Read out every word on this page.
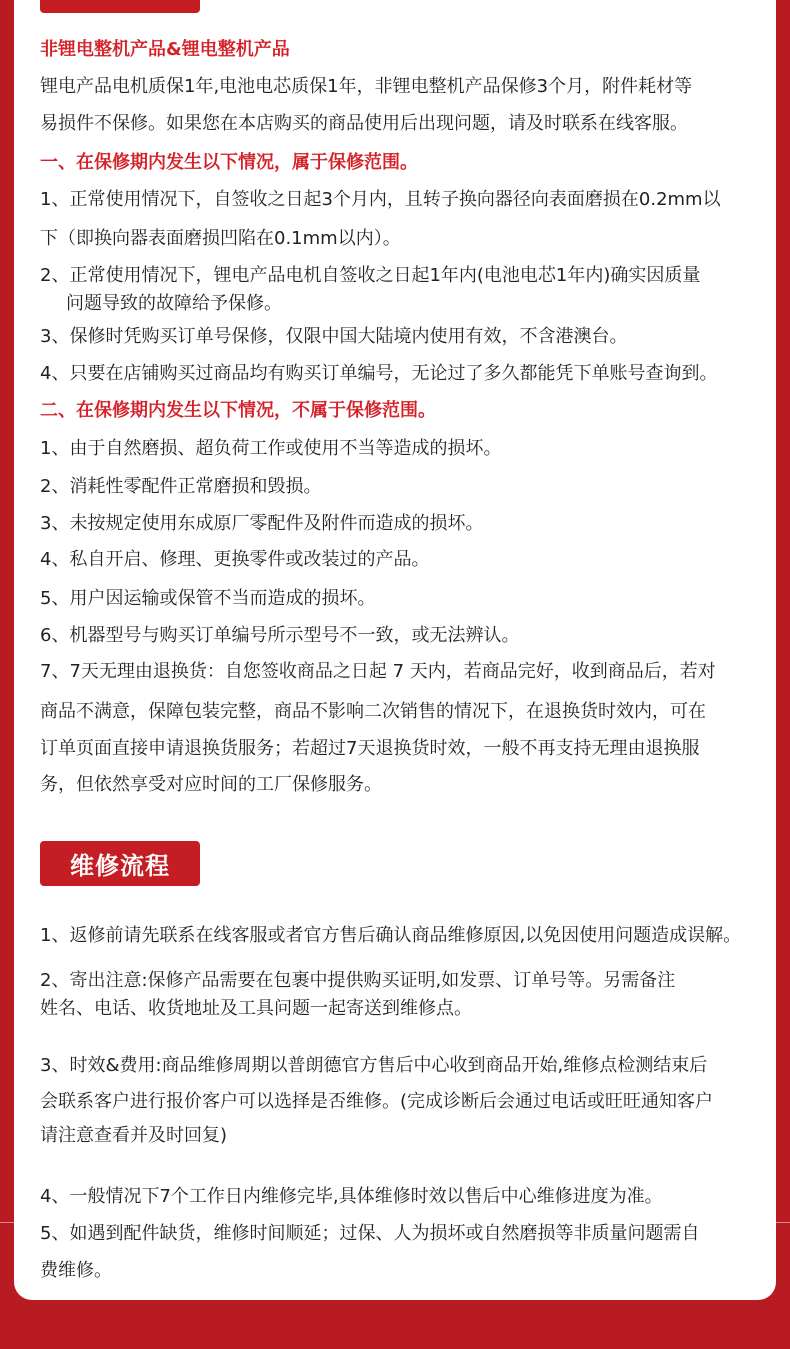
非锂电整机产品&锂电整机产品
锂电产品电机质保1年,电池电芯质保1年，非锂电整机产品保修3个月，附件耗材等
易损件不保修。如果您在本店购买的商品使用后出现问题，请及时联系在线客服。
一、在保修期内发生以下情况，属于保修范围。
1、正常使用情况下，自签收之日起3个月内，且转子换向器径向表面磨损在0.2mm以
下（即换向器表面磨损凹陷在0.1mm以内）。
2、正常使用情况下，锂电产品电机自签收之日起1年内(电池电芯1年内)确实因质量
问题导致的故障给予保修。
3、保修时凭购买订单号保修，仅限中国大陆境内使用有效，不含港澳台。
4、只要在店铺购买过商品均有购买订单编号，无论过了多久都能凭下单账号查询到。
二、在保修期内发生以下情况，不属于保修范围。
1、由于自然磨损、超负荷工作或使用不当等造成的损坏。
2、消耗性零配件正常磨损和毁损。
3、未按规定使用东成原厂零配件及附件而造成的损坏。
4、私自开启、修理、更换零件或改装过的产品。
5、用户因运输或保管不当而造成的损坏。
6、机器型号与购买订单编号所示型号不一致，或无法辨认。
7、7天无理由退换货：自您签收商品之日起 7 天内，若商品完好，收到商品后，若对
商品不满意，保障包装完整，商品不影响二次销售的情况下，在退换货时效内，可在
订单页面直接申请退换货服务；若超过7天退换货时效，一般不再支持无理由退换服
务，但依然享受对应时间的工厂保修服务。
维修流程
1、返修前请先联系在线客服或者官方售后确认商品维修原因,以免因使用问题造成误解。
2、寄出注意:保修产品需要在包裹中提供购买证明,如发票、订单号等。另需备注
姓名、电话、收货地址及工具问题一起寄送到维修点。
3、时效&费用:商品维修周期以普朗德官方售后中心收到商品开始,维修点检测结束后
会联系客户进行报价客户可以选择是否维修。(完成诊断后会通过电话或旺旺通知客户
请注意查看并及时回复)
4、一般情况下7个工作日内维修完毕,具体维修时效以售后中心维修进度为准。
5、如遇到配件缺货，维修时间顺延；过保、人为损坏或自然磨损等非质量问题需自
费维修。
